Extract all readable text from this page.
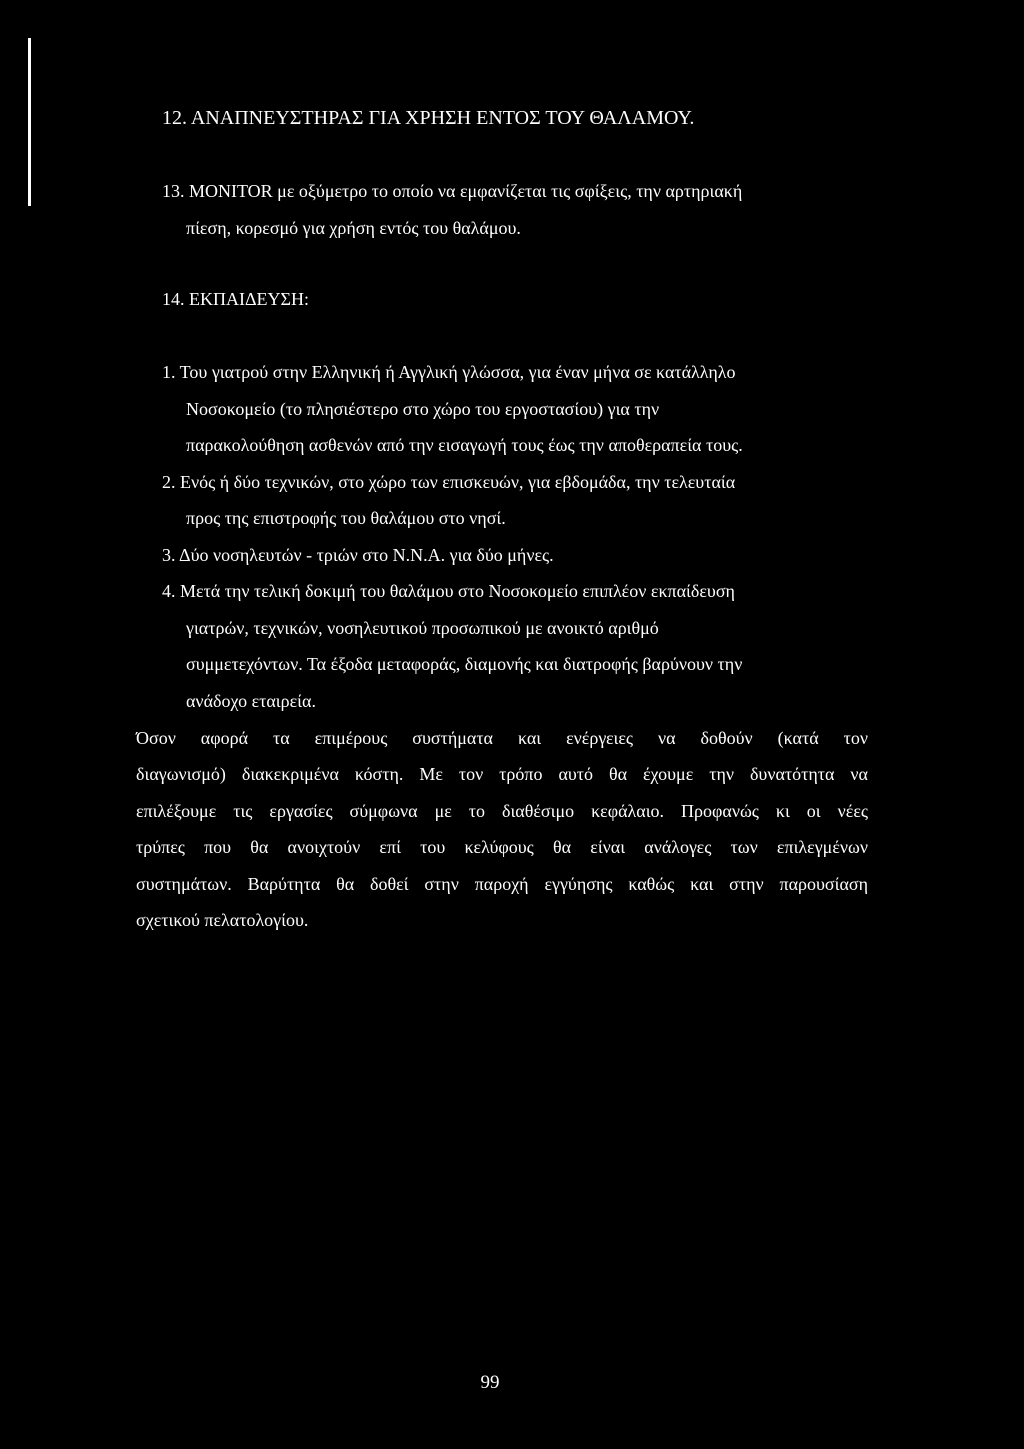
12. ΑΝΑΠΝΕΥΣΤΗΡΑΣ ΓΙΑ ΧΡΗΣΗ ΕΝΤΟΣ ΤΟΥ ΘΑΛΑΜΟΥ.
13. MONITOR με οξύμετρο το οποίο να εμφανίζεται τις σφίξεις, την αρτηριακή
πίεση, κορεσμό για χρήση εντός του θαλάμου.
14. ΕΚΠΑΙΔΕΥΣΗ:
1. Του γιατρού στην Ελληνική ή Αγγλική γλώσσα, για έναν μήνα σε κατάλληλο
Νοσοκομείο (το πλησιέστερο στο χώρο του εργοστασίου) για την
παρακολούθηση ασθενών από την εισαγωγή τους έως την αποθεραπεία τους.
2. Ενός ή δύο τεχνικών, στο χώρο των επισκευών, για εβδομάδα, την τελευταία
προς της επιστροφής του θαλάμου στο νησί.
3. Δύο νοσηλευτών - τριών στο Ν.Ν.Α. για δύο μήνες.
4. Μετά την τελική δοκιμή του θαλάμου στο Νοσοκομείο επιπλέον εκπαίδευση
γιατρών, τεχνικών, νοσηλευτικού προσωπικού με ανοικτό αριθμό
συμμετεχόντων. Τα έξοδα μεταφοράς, διαμονής και διατροφής βαρύνουν την
ανάδοχο εταιρεία.
Όσον αφορά τα επιμέρους συστήματα και ενέργειες να δοθούν (κατά τον
διαγωνισμό) διακεκριμένα κόστη. Με τον τρόπο αυτό θα έχουμε την δυνατότητα να
επιλέξουμε τις εργασίες σύμφωνα με το διαθέσιμο κεφάλαιο. Προφανώς κι οι νέες
τρύπες που θα ανοιχτούν επί του κελύφους θα είναι ανάλογες των επιλεγμένων
συστημάτων. Βαρύτητα θα δοθεί στην παροχή εγγύησης καθώς και στην παρουσίαση
σχετικού πελατολογίου.
99
